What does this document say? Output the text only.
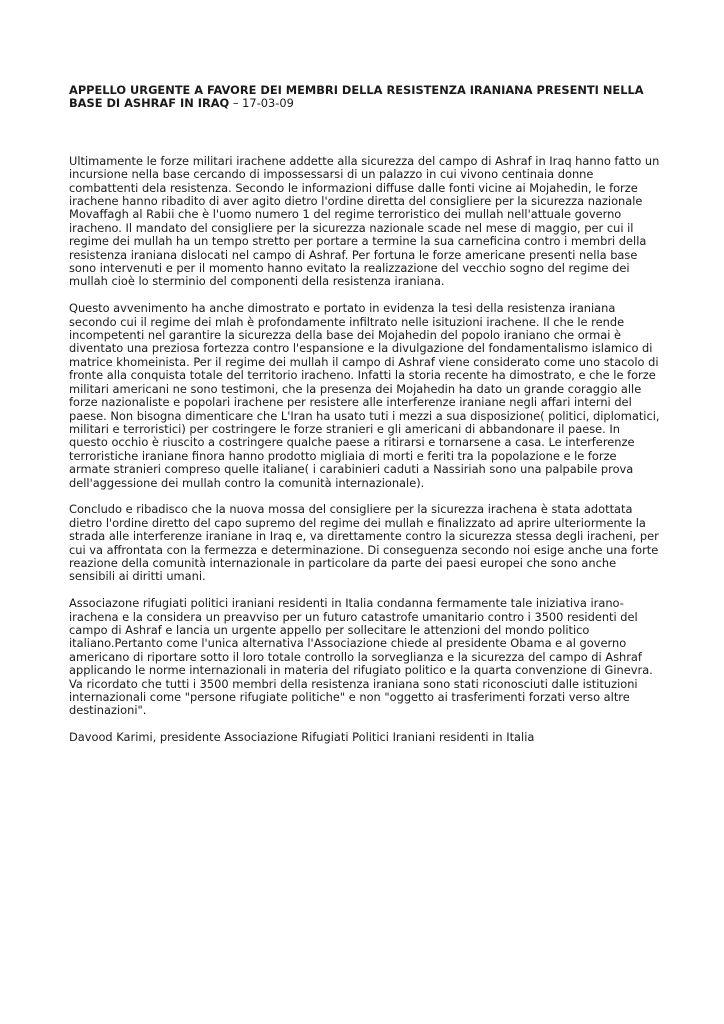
APPELLO URGENTE A FAVORE DEI MEMBRI DELLA RESISTENZA IRANIANA PRESENTI NELLA BASE DI ASHRAF IN IRAQ – 17-03-09

Ultimamente le forze militari irachene addette alla sicurezza del campo di Ashraf in Iraq hanno fatto un incursione nella base cercando di impossessarsi di un palazzo in cui vivono centinaia donne combattenti dela resistenza. Secondo le informazioni diffuse dalle fonti vicine ai Mojahedin, le forze irachene hanno ribadito di aver agito dietro l'ordine diretta del consigliere per la sicurezza nazionale Movaffagh al Rabii che è l'uomo numero 1 del regime terroristico dei mullah nell'attuale governo iracheno. Il mandato del consigliere per la sicurezza nazionale scade nel mese di maggio, per cui il regime dei mullah ha un tempo stretto per portare a termine la sua carneficina contro i membri della resistenza iraniana dislocati nel campo di Ashraf. Per fortuna le forze americane presenti nella base sono intervenuti e per il momento hanno evitato la realizzazione del vecchio sogno del regime dei mullah cioè lo sterminio del componenti della resistenza iraniana.

Questo avvenimento ha anche dimostrato e portato in evidenza la tesi della resistenza iraniana secondo cui il regime dei mlah è profondamente infiltrato nelle isituzioni irachene. Il che le rende incompetenti nel garantire la sicurezza della base dei Mojahedin del popolo iraniano che ormai è diventato una preziosa fortezza contro l'espansione e la divulgazione del fondamentalismo islamico di matrice khomeinista. Per il regime dei mullah il campo di Ashraf viene considerato come uno stacolo di fronte alla conquista totale del territorio iracheno. Infatti la storia recente ha dimostrato, e che le forze militari americani ne sono testimoni, che la presenza dei Mojahedin ha dato un grande coraggio alle forze nazionaliste e popolari irachene per resistere alle interferenze iraniane negli affari interni del paese. Non bisogna dimenticare che L'Iran ha usato tuti i mezzi a sua disposizione( politici, diplomatici, militari e terroristici) per costringere le forze stranieri e gli americani di abbandonare il paese. In questo occhio è riuscito a costringere qualche paese a ritirarsi e tornarsene a casa. Le interferenze terroristiche iraniane finora hanno prodotto migliaia di morti e feriti tra la popolazione e le forze armate stranieri compreso quelle italiane( i carabinieri caduti a Nassiriah sono una palpabile prova dell'aggessione dei mullah contro la comunità internazionale).

Concludo e ribadisco che la nuova mossa del consigliere per la sicurezza irachena è stata adottata dietro l'ordine diretto del capo supremo del regime dei mullah e finalizzato ad aprire ulteriormente la strada alle interferenze iraniane in Iraq e, va direttamente contro la sicurezza stessa degli iracheni, per cui va affrontata con la fermezza e determinazione. Di conseguenza secondo noi esige anche una forte reazione della comunità internazionale in particolare da parte dei paesi europei che sono anche sensibili ai diritti umani.

Associazone rifugiati politici iraniani residenti in Italia condanna fermamente tale iniziativa irano-irachena e la considera un preavviso per un futuro catastrofe umanitario contro i 3500 residenti del campo di Ashraf e lancia un urgente appello per sollecitare le attenzioni del mondo politico italiano.Pertanto come l'unica alternativa l'Associazione chiede al presidente Obama e al governo americano di riportare sotto il loro totale controllo la sorveglianza e la sicurezza del campo di Ashraf applicando le norme internazionali in materia del rifugiato politico e la quarta convenzione di Ginevra. Va ricordato che tutti i 3500 membri della resistenza iraniana sono stati riconosciuti dalle istituzioni internazionali come "persone rifugiate politiche" e non "oggetto ai trasferimenti forzati verso altre destinazioni".

Davood Karimi, presidente Associazione Rifugiati Politici Iraniani residenti in Italia
